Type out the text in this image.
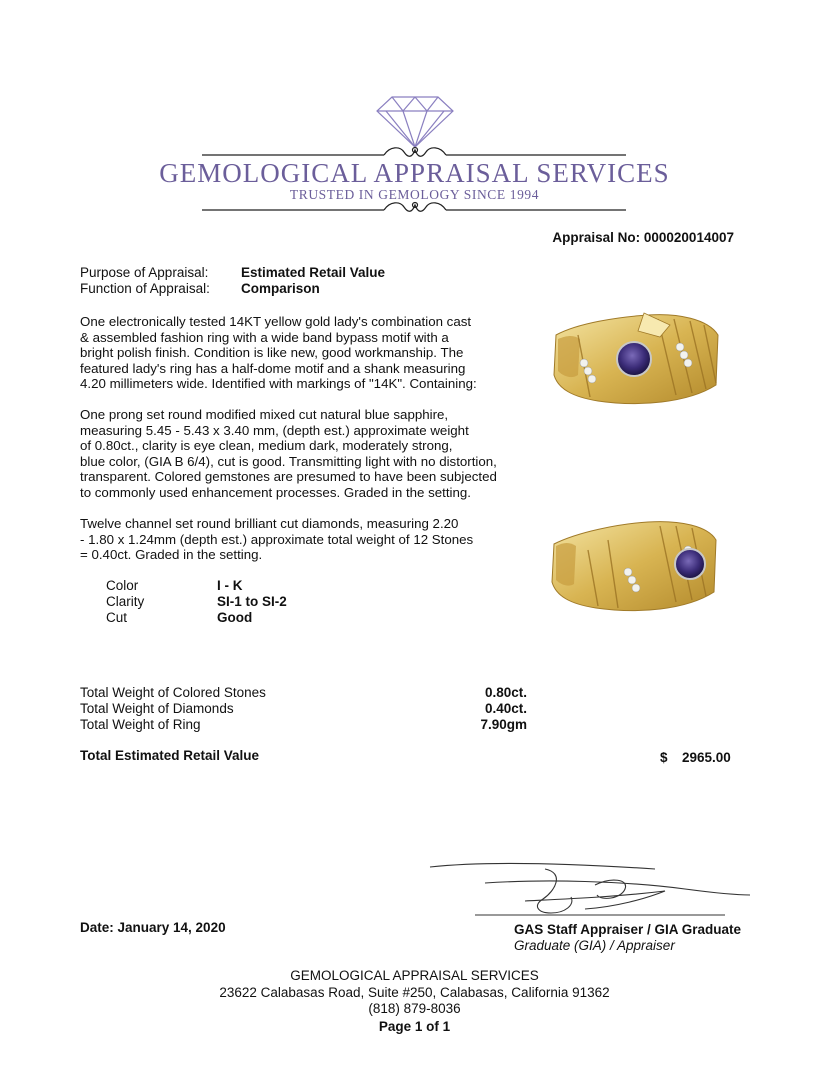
GEMOLOGICAL APPRAISAL SERVICES
TRUSTED IN GEMOLOGY SINCE 1994
Appraisal No: 000020014007
Purpose of Appraisal: Estimated Retail Value
Function of Appraisal: Comparison

One electronically tested 14KT yellow gold lady's combination cast

& assembled fashion ring with a wide band bypass motif with a

bright polish finish. Condition is like new, good workmanship. The

featured lady's ring has a half-dome motif and a shank measuring

4.20 millimeters wide. Identified with markings of "14K". Containing:

One prong set round modified mixed cut natural blue sapphire,

measuring 5.45 - 5.43 x 3.40 mm, (depth est.) approximate weight

of 0.80ct., clarity is eye clean, medium dark, moderately strong,

blue color, (GIA B 6/4), cut is good. Transmitting light with no distortion,

transparent. Colored gemstones are presumed to have been subjected

to commonly used enhancement processes. Graded in the setting.

Twelve channel set round brilliant cut diamonds, measuring 2.20

- 1.80 x 1.24mm (depth est.) approximate total weight of 12 Stones

= 0.40ct. Graded in the setting.

Color	I - K
Clarity	SI-1 to SI-2
Cut	Good
Total Weight of Colored Stones	0.80ct.
Total Weight of Diamonds	0.40ct.
Total Weight of Ring	7.90gm
Total Estimated Retail Value	$ 2965.00
Date: January 14, 2020	GAS Staff Appraiser / GIA Graduate
Graduate (GIA) / Appraiser
GEMOLOGICAL APPRAISAL SERVICES
23622 Calabasas Road, Suite #250, Calabasas, California 91362
(818) 879-8036
Page 1 of 1
